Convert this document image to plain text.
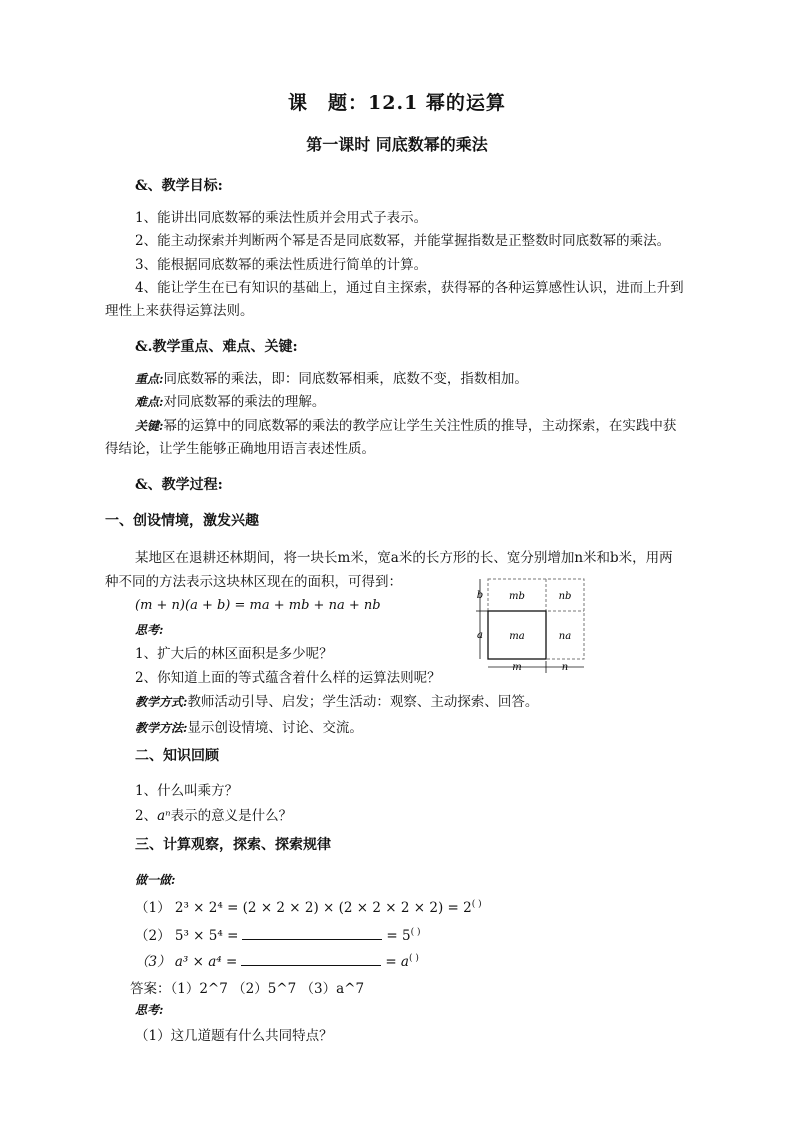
课　题：12.1 幂的运算
第一课时 同底数幂的乘法
&、教学目标:
1、能讲出同底数幂的乘法性质并会用式子表示。
2、能主动探索并判断两个幂是否是同底数幂，并能掌握指数是正整数时同底数幂的乘法。
3、能根据同底数幂的乘法性质进行简单的计算。
4、能让学生在已有知识的基础上，通过自主探索，获得幂的各种运算感性认识，进而上升到
理性上来获得运算法则。
&.教学重点、难点、关键:
重点:同底数幂的乘法，即：同底数幂相乘，底数不变，指数相加。
难点:对同底数幂的乘法的理解。
关键:幂的运算中的同底数幂的乘法的教学应让学生关注性质的推导，主动探索，在实践中获
得结论，让学生能够正确地用语言表述性质。
&、教学过程:
一、创设情境，激发兴趣
某地区在退耕还林期间，将一块长m米，宽a米的长方形的长、宽分别增加n米和b米，用两
种不同的方法表示这块林区现在的面积，可得到：
(m + n)(a + b) = ma + mb + na + nb
思考:
1、扩大后的林区面积是多少呢？
2、你知道上面的等式蕴含着什么样的运算法则呢？
教学方式:教师活动引导、启发；学生活动：观察、主动探索、回答。
教学方法:显示创设情境、讨论、交流。
mb	nb
ma	na
b
a
m	n
二、知识回顾
1、什么叫乘方？
2、aⁿ表示的意义是什么？
三、计算观察，探索、探索规律
做一做:
（1） 2³ × 2⁴ = (2 × 2 × 2) × (2 × 2 × 2 × 2) = 2( )
（2） 5³ × 5⁴ =	= 5( )
（3） a³ × a⁴ =	= a( )
答案：（1）2^7 （2）5^7 （3）a^7
思考:
（1）这几道题有什么共同特点？
